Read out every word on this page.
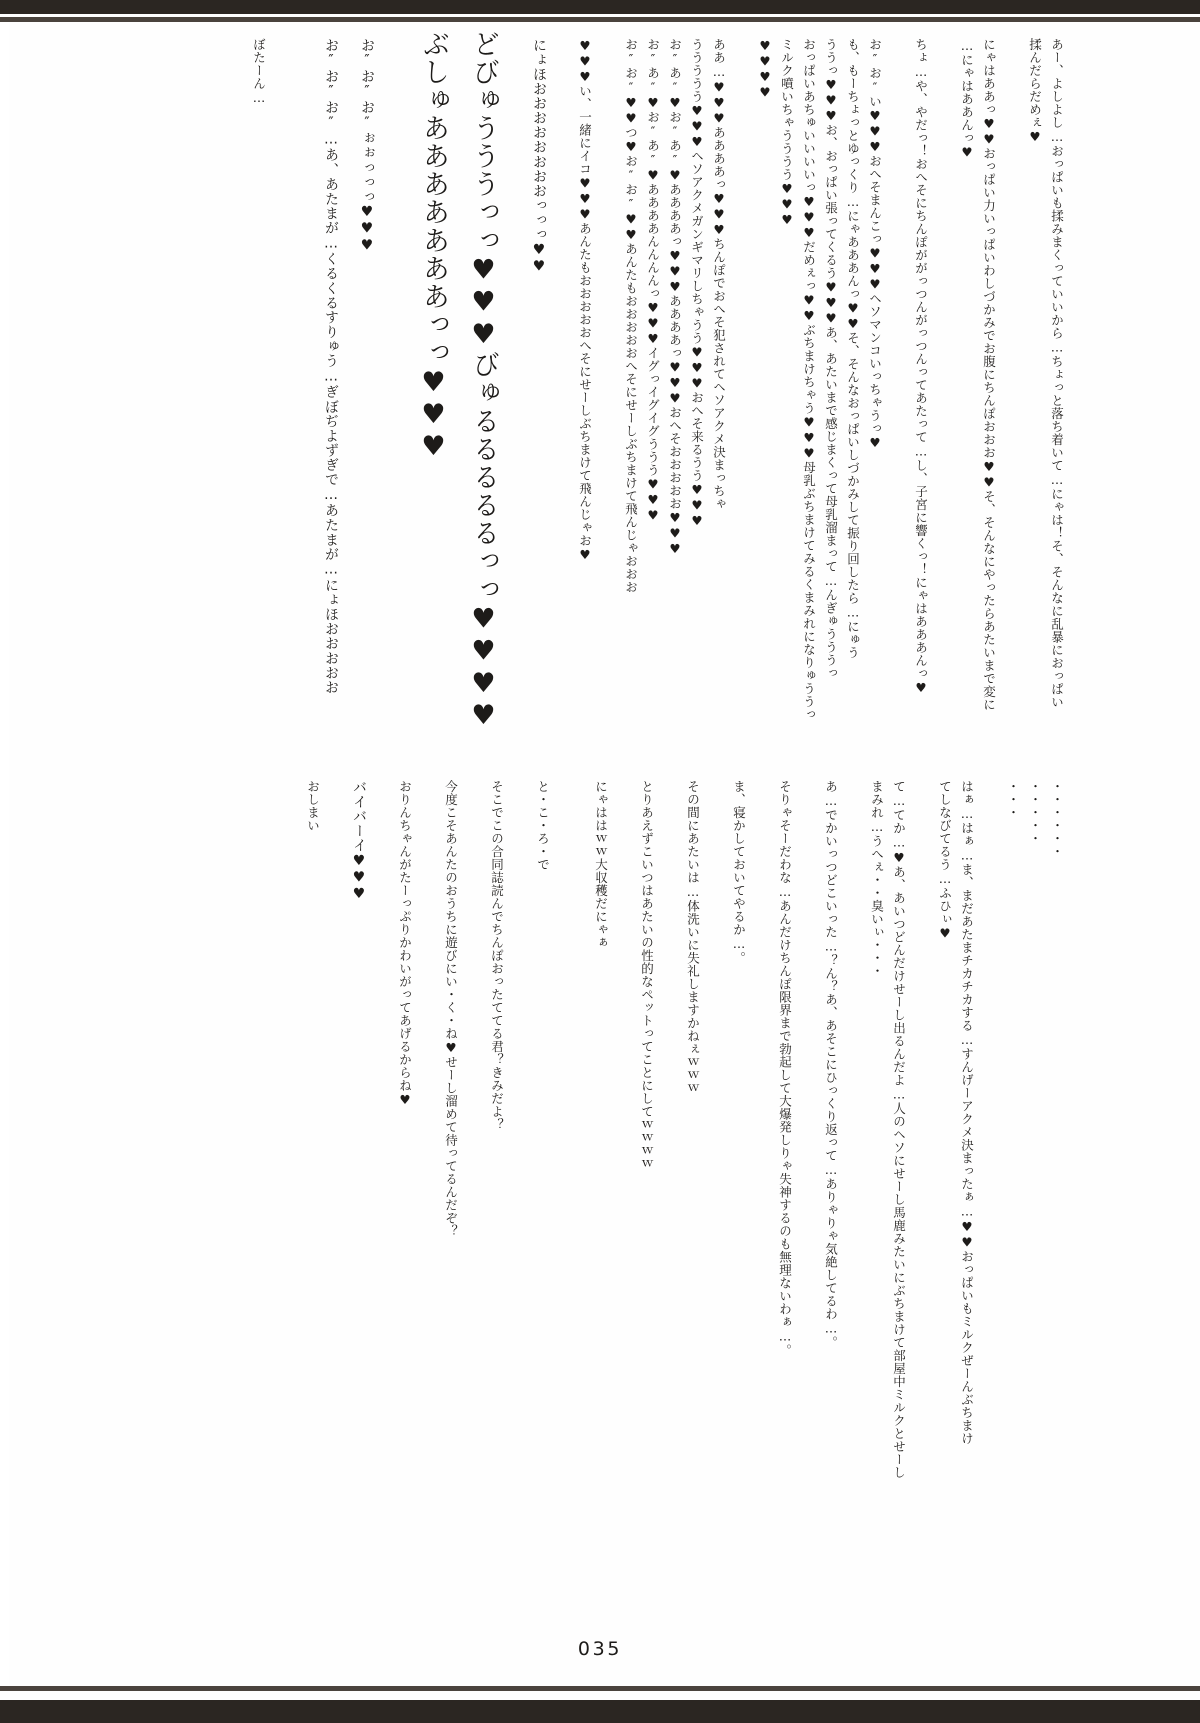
あー、よしよし…おっぱいも揉みまくっていいから…ちょっと落ち着いて…にゃは！そ、そんなに乱暴におっぱい
揉んだらだめぇ♥
にゃはああっ♥♥おっぱい力いっぱいわしづかみでお腹にちんぽおおお♥♥そ、そんなにやったらあたいまで変に
…にゃはああんっ♥
ちょ…や、やだっ！おへそにちんぽががっつんがっつんってあたって…し、子宮に響くっ！にゃはあああんっ♥
お″お″い♥♥♥おへそまんこっ♥♥♥ヘソマンコいっちゃうっ♥
も、もーちょっとゆっくり…にゃあああんっ♥♥そ、そんなおっぱいしづかみして振り回したら…にゅう
ううっ♥♥♥お、おっぱい張ってくるう♥♥♥あ、あたいまで感じまくって母乳溜まって…んぎゅうううっ
おっぱいあちゅいいいいっ♥♥♥だめぇっ♥♥ぶちまけちゃう♥♥♥母乳ぶちまけてみるくまみれになりゅううっ
ミルク噴いちゃうううう♥♥♥
♥♥♥♥
ああ…♥♥♥ああああっ♥♥♥ちんぽでおへそ犯されてヘソアクメ決まっちゃ
ううううう♥♥♥ヘソアクメガンギマリしちゃうう♥♥♥おへそ来るうう♥♥♥
お″あ″♥お″あ″♥ああああっ♥♥♥ああああっ♥♥♥おへそおおおおお♥♥♥
お″あ″♥お″あ″♥ああああんんんんっ♥♥♥イグっイグイグううう♥♥♥
お″お″♥♥つ♥お″お″♥♥あんたもおおおおおへそにせーしぶちまけて飛んじゃおおお
♥♥♥い、一緒にイコ♥♥♥あんたもおおおおおへそにせーしぶちまけて飛んじゃお♥
にょほおおおおおおおおっっっ♥♥
どびゅうううっっ♥♥♥びゅるるるるるっっ♥♥♥♥
ぶしゅあああああああっっ♥♥♥
お″お″お″ぉぉっっっ♥♥♥
お″お″お″…あ、あたまが…くるくるすりゅう…ぎぼぢよずぎで…あたまが…にょほおおおおお
ぼたーん…
・・・・・・
・・・・・
・・・
はぁ…はぁ…ま、まだあたまチカチカする…すんげーアクメ決まったぁ…♥♥おっぱいもミルクぜーんぶちまけ
てしなびてるう…ふひぃ♥
て…てか…♥あ、あいつどんだけせーし出るんだよ…人のヘソにせーし馬鹿みたいにぶちまけて部屋中ミルクとせーし
まみれ…うへぇ・・臭いぃ・・・
あ…でかいっつどこいった…？ん？あ、あそこにひっくり返って…ありゃりゃ気絶してるわ…。
そりゃそーだわな…あんだけちんぽ限界まで勃起して大爆発しりゃ失神するのも無理ないわぁ…。
ま、寝かしておいてやるか…。
その間にあたいは…体洗いに失礼しますかねぇｗｗｗ
とりあえずこいつはあたいの性的なペットってことにしてｗｗｗｗ
にゃははｗｗ大収穫だにゃぁ
と・こ・ろ・で
そこでこの合同誌読んでちんぽおったててる君？きみだよ？
今度こそあんたのおうちに遊びにい・く・ね♥せーし溜めて待ってるんだぞ？
おりんちゃんがたーっぷりかわいがってあげるからね♥
バイバーイ♥♥♥
おしまい
035
